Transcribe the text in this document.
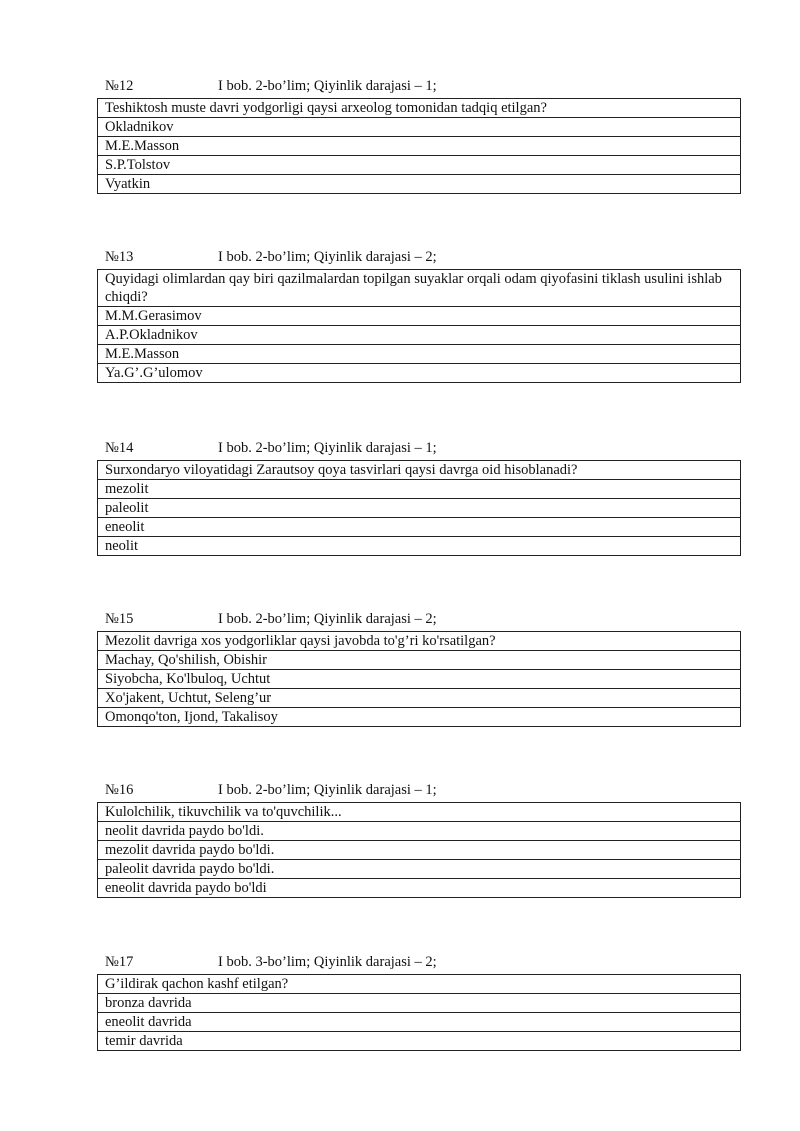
№12	I bob. 2-bo’lim; Qiyinlik darajasi – 1;
Teshiktosh muste davri yodgorligi qaysi arxeolog tomonidan tadqiq etilgan?
Okladnikov
M.E.Masson
S.P.Tolstov
Vyatkin
№13	I bob. 2-bo’lim; Qiyinlik darajasi – 2;
Quyidagi olimlardan qay biri qazilmalardan topilgan suyaklar orqali odam qiyofasini tiklash usulini ishlab chiqdi?
M.M.Gerasimov
A.P.Okladnikov
M.E.Masson
Ya.G’.G’ulomov
№14	I bob. 2-bo’lim; Qiyinlik darajasi – 1;
Surxondaryo viloyatidagi Zarautsoy qoya tasvirlari qaysi davrga oid hisoblanadi?
mezolit
paleolit
eneolit
neolit
№15	I bob. 2-bo’lim; Qiyinlik darajasi – 2;
Mezolit davriga xos yodgorliklar qaysi javobda to'g’ri ko'rsatilgan?
Machay, Qo'shilish, Obishir
Siyobcha, Ko'lbuloq, Uchtut
Xo'jakent, Uchtut, Seleng’ur
Omonqo'ton, Ijond, Takalisoy
№16	I bob. 2-bo’lim; Qiyinlik darajasi – 1;
Kulolchilik, tikuvchilik va to'quvchilik...
neolit davrida paydo bo'ldi.
mezolit davrida paydo bo'ldi.
paleolit davrida paydo bo'ldi.
eneolit davrida paydo bo'ldi
№17	I bob. 3-bo’lim; Qiyinlik darajasi – 2;
G’ildirak qachon kashf etilgan?
bronza davrida
eneolit davrida
temir davrida
